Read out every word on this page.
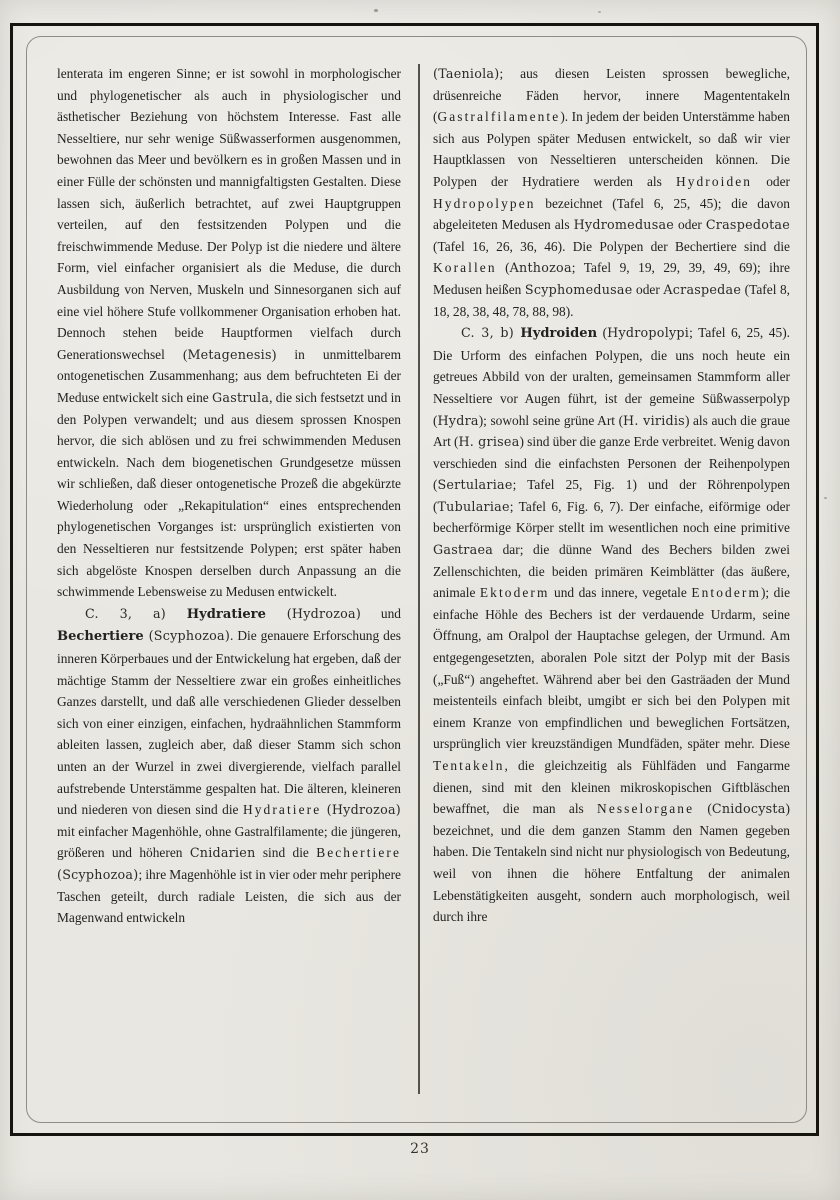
lenterata im engeren Sinne; er ist sowohl in morphologischer und phylogenetischer als auch in physiologischer und ästhetischer Beziehung von höchstem Interesse. Fast alle Nesseltiere, nur sehr wenige Süßwasserformen ausgenommen, bewohnen das Meer und bevölkern es in großen Massen und in einer Fülle der schönsten und mannigfaltigsten Gestalten. Diese lassen sich, äußerlich betrachtet, auf zwei Hauptgruppen verteilen, auf den festsitzenden Polypen und die freischwimmende Meduse. Der Polyp ist die niedere und ältere Form, viel einfacher organisiert als die Meduse, die durch Ausbildung von Nerven, Muskeln und Sinnesorganen sich auf eine viel höhere Stufe vollkommener Organisation erhoben hat. Dennoch stehen beide Hauptformen vielfach durch Generationswechsel (Metagenesis) in unmittelbarem ontogenetischen Zusammenhang; aus dem befruchteten Ei der Meduse entwickelt sich eine Gastrula, die sich festsetzt und in den Polypen verwandelt; und aus diesem sprossen Knospen hervor, die sich ablösen und zu frei schwimmenden Medusen entwickeln. Nach dem biogenetischen Grundgesetze müssen wir schließen, daß dieser ontogenetische Prozeß die abgekürzte Wiederholung oder „Rekapitulation“ eines entsprechenden phylogenetischen Vorganges ist: ursprünglich existierten von den Nesseltieren nur festsitzende Polypen; erst später haben sich abgelöste Knospen derselben durch Anpassung an die schwimmende Lebensweise zu Medusen entwickelt.

C. 3, a) Hydratiere (Hydrozoa) und Bechertiere (Scyphozoa). Die genauere Erforschung des inneren Körperbaues und der Entwickelung hat ergeben, daß der mächtige Stamm der Nesseltiere zwar ein großes einheitliches Ganzes darstellt, und daß alle verschiedenen Glieder desselben sich von einer einzigen, einfachen, hydraähnlichen Stammform ableiten lassen, zugleich aber, daß dieser Stamm sich schon unten an der Wurzel in zwei divergierende, vielfach parallel aufstrebende Unterstämme gespalten hat. Die älteren, kleineren und niederen von diesen sind die Hydratiere (Hydrozoa) mit einfacher Magenhöhle, ohne Gastralfilamente; die jüngeren, größeren und höheren Cnidarien sind die Bechertiere (Scyphozoa); ihre Magenhöhle ist in vier oder mehr periphere Taschen geteilt, durch radiale Leisten, die sich aus der Magenwand entwickeln

(Taeniola); aus diesen Leisten sprossen bewegliche, drüsenreiche Fäden hervor, innere Magententakeln (Gastralfilamente). In jedem der beiden Unterstämme haben sich aus Polypen später Medusen entwickelt, so daß wir vier Hauptklassen von Nesseltieren unterscheiden können. Die Polypen der Hydratiere werden als Hydroiden oder Hydropolypen bezeichnet (Tafel 6, 25, 45); die davon abgeleiteten Medusen als Hydromedusae oder Craspedotae (Tafel 16, 26, 36, 46). Die Polypen der Bechertiere sind die Korallen (Anthozoa; Tafel 9, 19, 29, 39, 49, 69); ihre Medusen heißen Scyphomedusae oder Acraspedae (Tafel 8, 18, 28, 38, 48, 78, 88, 98).

C. 3, b) Hydroiden (Hydropolypi; Tafel 6, 25, 45). Die Urform des einfachen Polypen, die uns noch heute ein getreues Abbild von der uralten, gemeinsamen Stammform aller Nesseltiere vor Augen führt, ist der gemeine Süßwasserpolyp (Hydra); sowohl seine grüne Art (H. viridis) als auch die graue Art (H. grisea) sind über die ganze Erde verbreitet. Wenig davon verschieden sind die einfachsten Personen der Reihenpolypen (Sertulariae; Tafel 25, Fig. 1) und der Röhrenpolypen (Tubulariae; Tafel 6, Fig. 6, 7). Der einfache, eiförmige oder becherförmige Körper stellt im wesentlichen noch eine primitive Gastraea dar; die dünne Wand des Bechers bilden zwei Zellenschichten, die beiden primären Keimblätter (das äußere, animale Ektoderm und das innere, vegetale Entoderm); die einfache Höhle des Bechers ist der verdauende Urdarm, seine Öffnung, am Oralpol der Hauptachse gelegen, der Urmund. Am entgegengesetzten, aboralen Pole sitzt der Polyp mit der Basis („Fuß“) angeheftet. Während aber bei den Gasträaden der Mund meistenteils einfach bleibt, umgibt er sich bei den Polypen mit einem Kranze von empfindlichen und beweglichen Fortsätzen, ursprünglich vier kreuzständigen Mundfäden, später mehr. Diese Tentakeln, die gleichzeitig als Fühlfäden und Fangarme dienen, sind mit den kleinen mikroskopischen Giftbläschen bewaffnet, die man als Nesselorgane (Cnidocysta) bezeichnet, und die dem ganzen Stamm den Namen gegeben haben. Die Tentakeln sind nicht nur physiologisch von Bedeutung, weil von ihnen die höhere Entfaltung der animalen Lebenstätigkeiten ausgeht, sondern auch morphologisch, weil durch ihre

23
